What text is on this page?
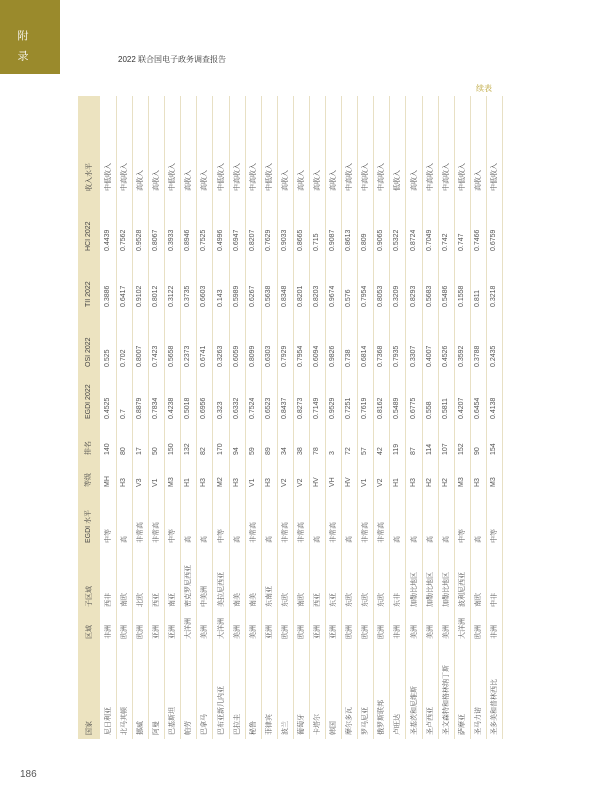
附
录	2022 联合国电子政务调查报告
续表
国家
区域
子区域
EGDI 水平
等级
排名
EGDI 2022
OSI 2022
TII 2022
HCI 2022
收入水平
尼日利亚
非洲
西非
中等
MH
140
0.4525
0.525
0.3886
0.4439
中低收入
北马其顿
欧洲
南欧
高
H3
80
0.7
0.702
0.6417
0.7562
中高收入
挪威
欧洲
北欧
非常高
V3
17
0.8879
0.8007
0.9102
0.9528
高收入
阿曼
亚洲
西亚
非常高
V1
50
0.7834
0.7423
0.8012
0.8067
高收入
巴基斯坦
亚洲
南亚
中等
M3
150
0.4238
0.5658
0.3122
0.3933
中低收入
帕劳
大洋洲
密克罗尼西亚
高
H1
132
0.5018
0.2373
0.3735
0.8946
高收入
巴拿马
美洲
中美洲
高
H3
82
0.6956
0.6741
0.6603
0.7525
高收入
巴布亚新几内亚
大洋洲
美拉尼西亚
中等
M2
170
0.323
0.3263
0.143
0.4996
中低收入
巴拉圭
美洲
南美
高
H3
94
0.6332
0.6059
0.5989
0.6947
中高收入
秘鲁
美洲
南美
非常高
V1
59
0.7524
0.8099
0.6267
0.8207
中高收入
菲律宾
亚洲
东南亚
高
H3
89
0.6523
0.6303
0.5638
0.7629
中低收入
波兰
欧洲
东欧
非常高
V2
34
0.8437
0.7929
0.8348
0.9033
高收入
葡萄牙
欧洲
南欧
非常高
V2
38
0.8273
0.7954
0.8201
0.8665
高收入
卡塔尔
亚洲
西亚
高
HV
78
0.7149
0.6094
0.8203
0.715
高收入
韩国
亚洲
东亚
非常高
VH
3
0.9529
0.9826
0.9674
0.9087
高收入
摩尔多瓦
欧洲
东欧
高
HV
72
0.7251
0.738
0.576
0.8613
中高收入
罗马尼亚
欧洲
东欧
非常高
V1
57
0.7619
0.6814
0.7954
0.809
中高收入
俄罗斯联邦
欧洲
东欧
非常高
V2
42
0.8162
0.7368
0.8053
0.9065
中高收入
卢旺达
非洲
东非
高
H1
119
0.5489
0.7935
0.3209
0.5322
低收入
圣基茨和尼维斯
美洲
加勒比地区
高
H3
87
0.6775
0.3307
0.8293
0.8724
高收入
圣卢西亚
美洲
加勒比地区
高
H2
114
0.558
0.4007
0.5683
0.7049
中高收入
圣文森特和格林纳丁斯
美洲
加勒比地区
高
H2
107
0.5811
0.4526
0.5486
0.742
中高收入
萨摩亚
大洋洲
波利尼西亚
中等
M3
152
0.4207
0.3592
0.1558
0.747
中低收入
圣马力诺
欧洲
南欧
高
H3
90
0.6454
0.3788
0.811
0.7466
高收入
圣多美和普林西比
非洲
中非
中等
M3
154
0.4138
0.2435
0.3218
0.6759
中低收入
186
